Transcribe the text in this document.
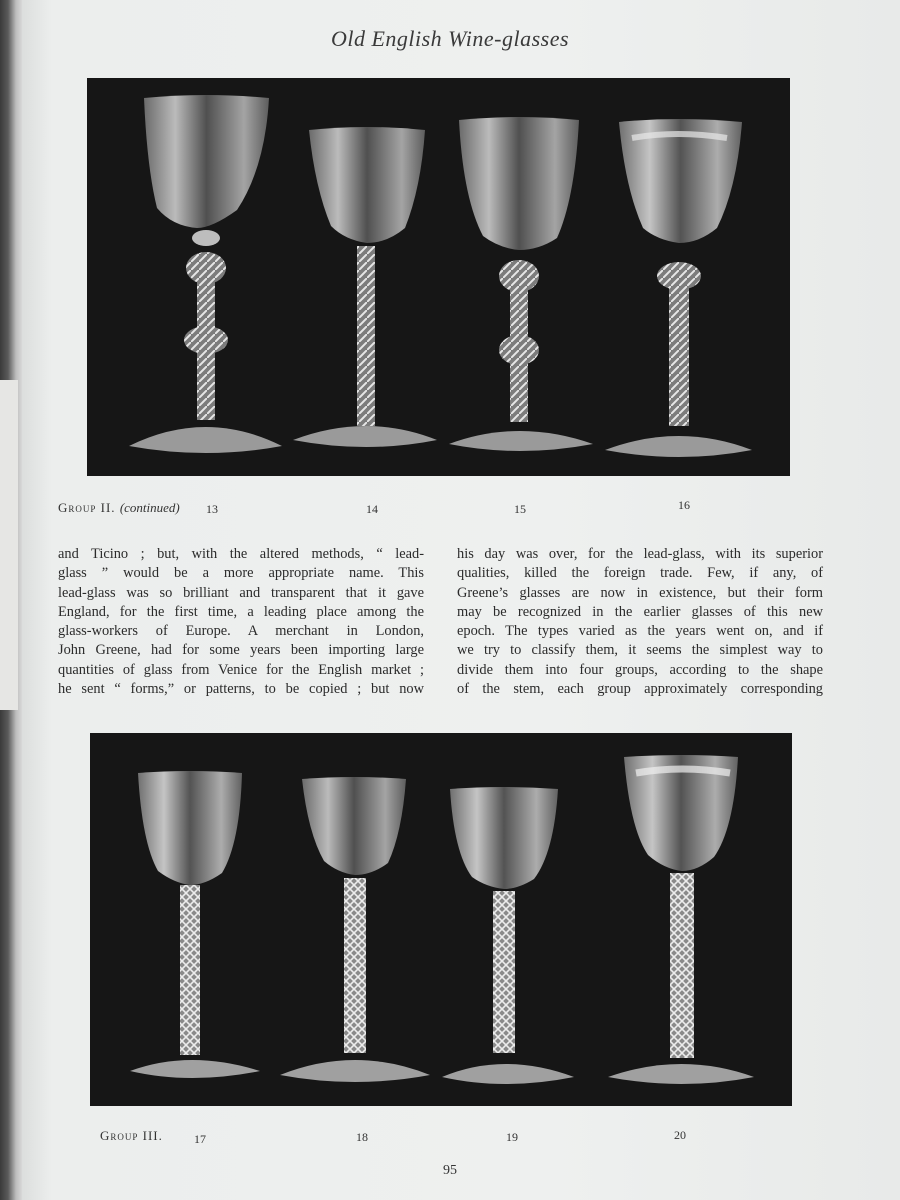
Old English Wine-glasses
Group II. (continued) 13	14	15	16

and Ticino ; but, with the altered methods, “ lead-

glass ” would be a more appropriate name. This

lead-glass was so brilliant and transparent that it gave

England, for the first time, a leading place among the

glass-workers of Europe. A merchant in London,

John Greene, had for some years been importing large

quantities of glass from Venice for the English market ;

he sent “ forms,” or patterns, to be copied ; but now

his day was over, for the lead-glass, with its superior

qualities, killed the foreign trade. Few, if any, of

Greene’s glasses are now in existence, but their form

may be recognized in the earlier glasses of this new

epoch. The types varied as the years went on, and if

we try to classify them, it seems the simplest way to

divide them into four groups, according to the shape

of the stem, each group approximately corresponding

Group III.	17	18	19	20
95
